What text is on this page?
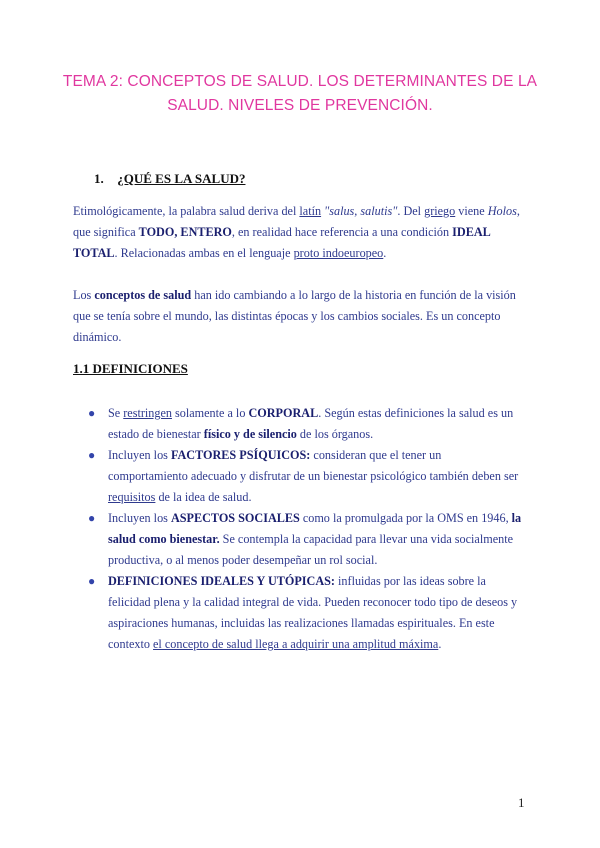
TEMA 2: CONCEPTOS DE SALUD. LOS DETERMINANTES DE LA
SALUD. NIVELES DE PREVENCIÓN.
1. ¿QUÉ ES LA SALUD?
Etimológicamente, la palabra salud deriva del latín "salus, salutis". Del griego viene Holos, que significa TODO, ENTERO, en realidad hace referencia a una condición IDEAL TOTAL. Relacionadas ambas en el lenguaje proto indoeuropeo.
Los conceptos de salud han ido cambiando a lo largo de la historia en función de la visión que se tenía sobre el mundo, las distintas épocas y los cambios sociales. Es un concepto dinámico.
1.1 DEFINICIONES
● Se restringen solamente a lo CORPORAL. Según estas definiciones la salud es un estado de bienestar físico y de silencio de los órganos.
● Incluyen los FACTORES PSÍQUICOS: consideran que el tener un comportamiento adecuado y disfrutar de un bienestar psicológico también deben ser requisitos de la idea de salud.
● Incluyen los ASPECTOS SOCIALES como la promulgada por la OMS en 1946, la salud como bienestar. Se contempla la capacidad para llevar una vida socialmente productiva, o al menos poder desempeñar un rol social.
● DEFINICIONES IDEALES Y UTÓPICAS: influidas por las ideas sobre la felicidad plena y la calidad integral de vida. Pueden reconocer todo tipo de deseos y aspiraciones humanas, incluidas las realizaciones llamadas espirituales. En este contexto el concepto de salud llega a adquirir una amplitud máxima.
1
